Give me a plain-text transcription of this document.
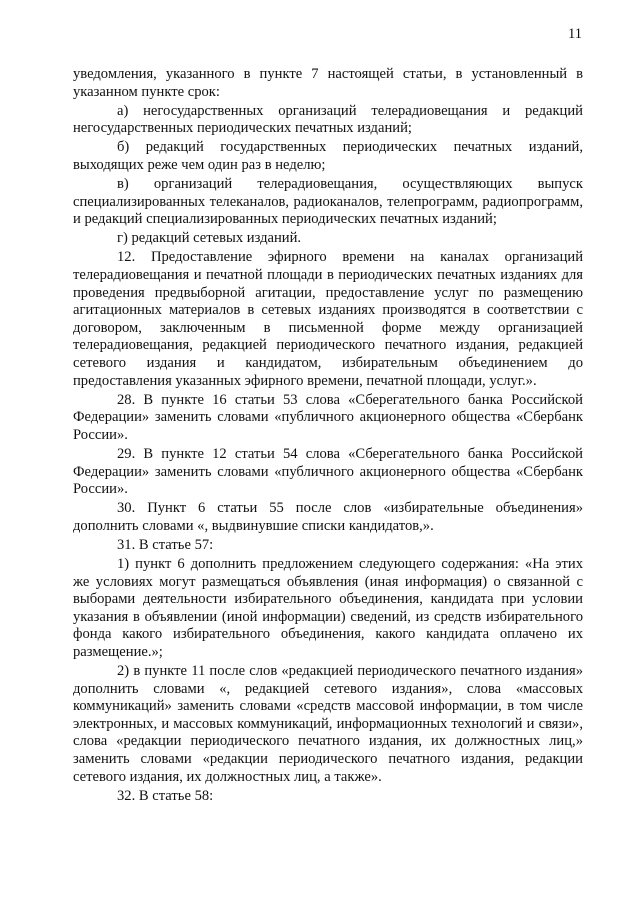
11

уведомления, указанного в пункте 7 настоящей статьи, в установленный в указанном пункте срок:

а) негосударственных организаций телерадиовещания и редакций негосударственных периодических печатных изданий;

б) редакций государственных периодических печатных изданий, выходящих реже чем один раз в неделю;

в) организаций телерадиовещания, осуществляющих выпуск специализированных телеканалов, радиоканалов, телепрограмм, радиопрограмм, и редакций специализированных периодических печатных изданий;

г) редакций сетевых изданий.

12. Предоставление эфирного времени на каналах организаций телерадиовещания и печатной площади в периодических печатных изданиях для проведения предвыборной агитации, предоставление услуг по размещению агитационных материалов в сетевых изданиях производятся в соответствии с договором, заключенным в письменной форме между организацией телерадиовещания, редакцией периодического печатного издания, редакцией сетевого издания и кандидатом, избирательным объединением до предоставления указанных эфирного времени, печатной площади, услуг.».

28. В пункте 16 статьи 53 слова «Сберегательного банка Российской Федерации» заменить словами «публичного акционерного общества «Сбербанк России».

29. В пункте 12 статьи 54 слова «Сберегательного банка Российской Федерации» заменить словами «публичного акционерного общества «Сбербанк России».

30. Пункт 6 статьи 55 после слов «избирательные объединения» дополнить словами «, выдвинувшие списки кандидатов,».

31. В статье 57:

1) пункт 6 дополнить предложением следующего содержания: «На этих же условиях могут размещаться объявления (иная информация) о связанной с выборами деятельности избирательного объединения, кандидата при условии указания в объявлении (иной информации) сведений, из средств избирательного фонда какого избирательного объединения, какого кандидата оплачено их размещение.»;

2) в пункте 11 после слов «редакцией периодического печатного издания» дополнить словами «, редакцией сетевого издания», слова «массовых коммуникаций» заменить словами «средств массовой информации, в том числе электронных, и массовых коммуникаций, информационных технологий и связи», слова «редакции периодического печатного издания, их должностных лиц,» заменить словами «редакции периодического печатного издания, редакции сетевого издания, их должностных лиц, а также».

32. В статье 58:
